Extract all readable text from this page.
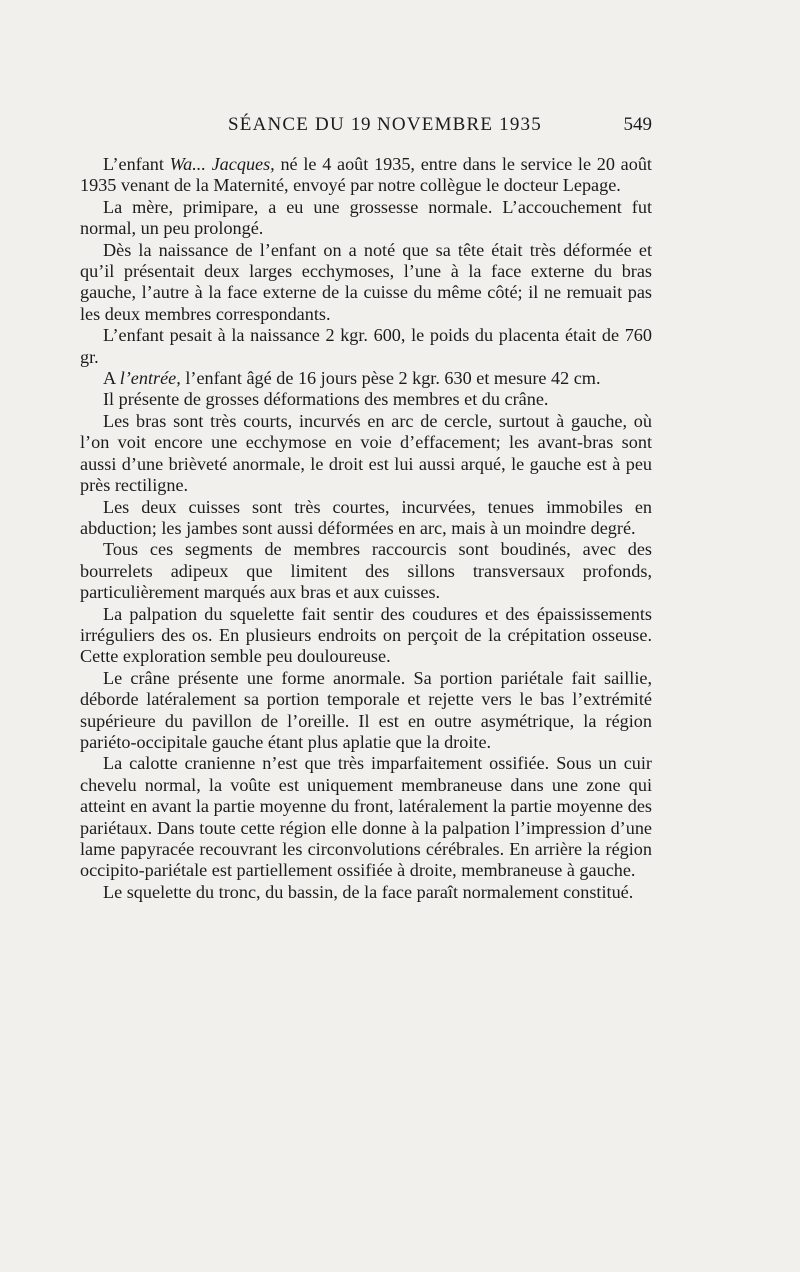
SÉANCE DU 19 NOVEMBRE 1935	549

L’enfant Wa... Jacques, né le 4 août 1935, entre dans le service le 20 août 1935 venant de la Maternité, envoyé par notre collègue le docteur Lepage.

La mère, primipare, a eu une grossesse normale. L’accouchement fut normal, un peu prolongé.

Dès la naissance de l’enfant on a noté que sa tête était très déformée et qu’il présentait deux larges ecchymoses, l’une à la face externe du bras gauche, l’autre à la face externe de la cuisse du même côté; il ne remuait pas les deux membres correspondants.

L’enfant pesait à la naissance 2 kgr. 600, le poids du placenta était de 760 gr.

A l’entrée, l’enfant âgé de 16 jours pèse 2 kgr. 630 et mesure 42 cm.

Il présente de grosses déformations des membres et du crâne.

Les bras sont très courts, incurvés en arc de cercle, surtout à gauche, où l’on voit encore une ecchymose en voie d’effacement; les avant-bras sont aussi d’une brièveté anormale, le droit est lui aussi arqué, le gauche est à peu près rectiligne.

Les deux cuisses sont très courtes, incurvées, tenues immobiles en abduction; les jambes sont aussi déformées en arc, mais à un moindre degré.

Tous ces segments de membres raccourcis sont boudinés, avec des bourrelets adipeux que limitent des sillons transversaux profonds, particulièrement marqués aux bras et aux cuisses.

La palpation du squelette fait sentir des coudures et des épaississements irréguliers des os. En plusieurs endroits on perçoit de la crépitation osseuse. Cette exploration semble peu douloureuse.

Le crâne présente une forme anormale. Sa portion pariétale fait saillie, déborde latéralement sa portion temporale et rejette vers le bas l’extrémité supérieure du pavillon de l’oreille. Il est en outre asymétrique, la région pariéto-occipitale gauche étant plus aplatie que la droite.

La calotte cranienne n’est que très imparfaitement ossifiée. Sous un cuir chevelu normal, la voûte est uniquement membraneuse dans une zone qui atteint en avant la partie moyenne du front, latéralement la partie moyenne des pariétaux. Dans toute cette région elle donne à la palpation l’impression d’une lame papyracée recouvrant les circonvolutions cérébrales. En arrière la région occipito-pariétale est partiellement ossifiée à droite, membraneuse à gauche.

Le squelette du tronc, du bassin, de la face paraît normalement constitué.
